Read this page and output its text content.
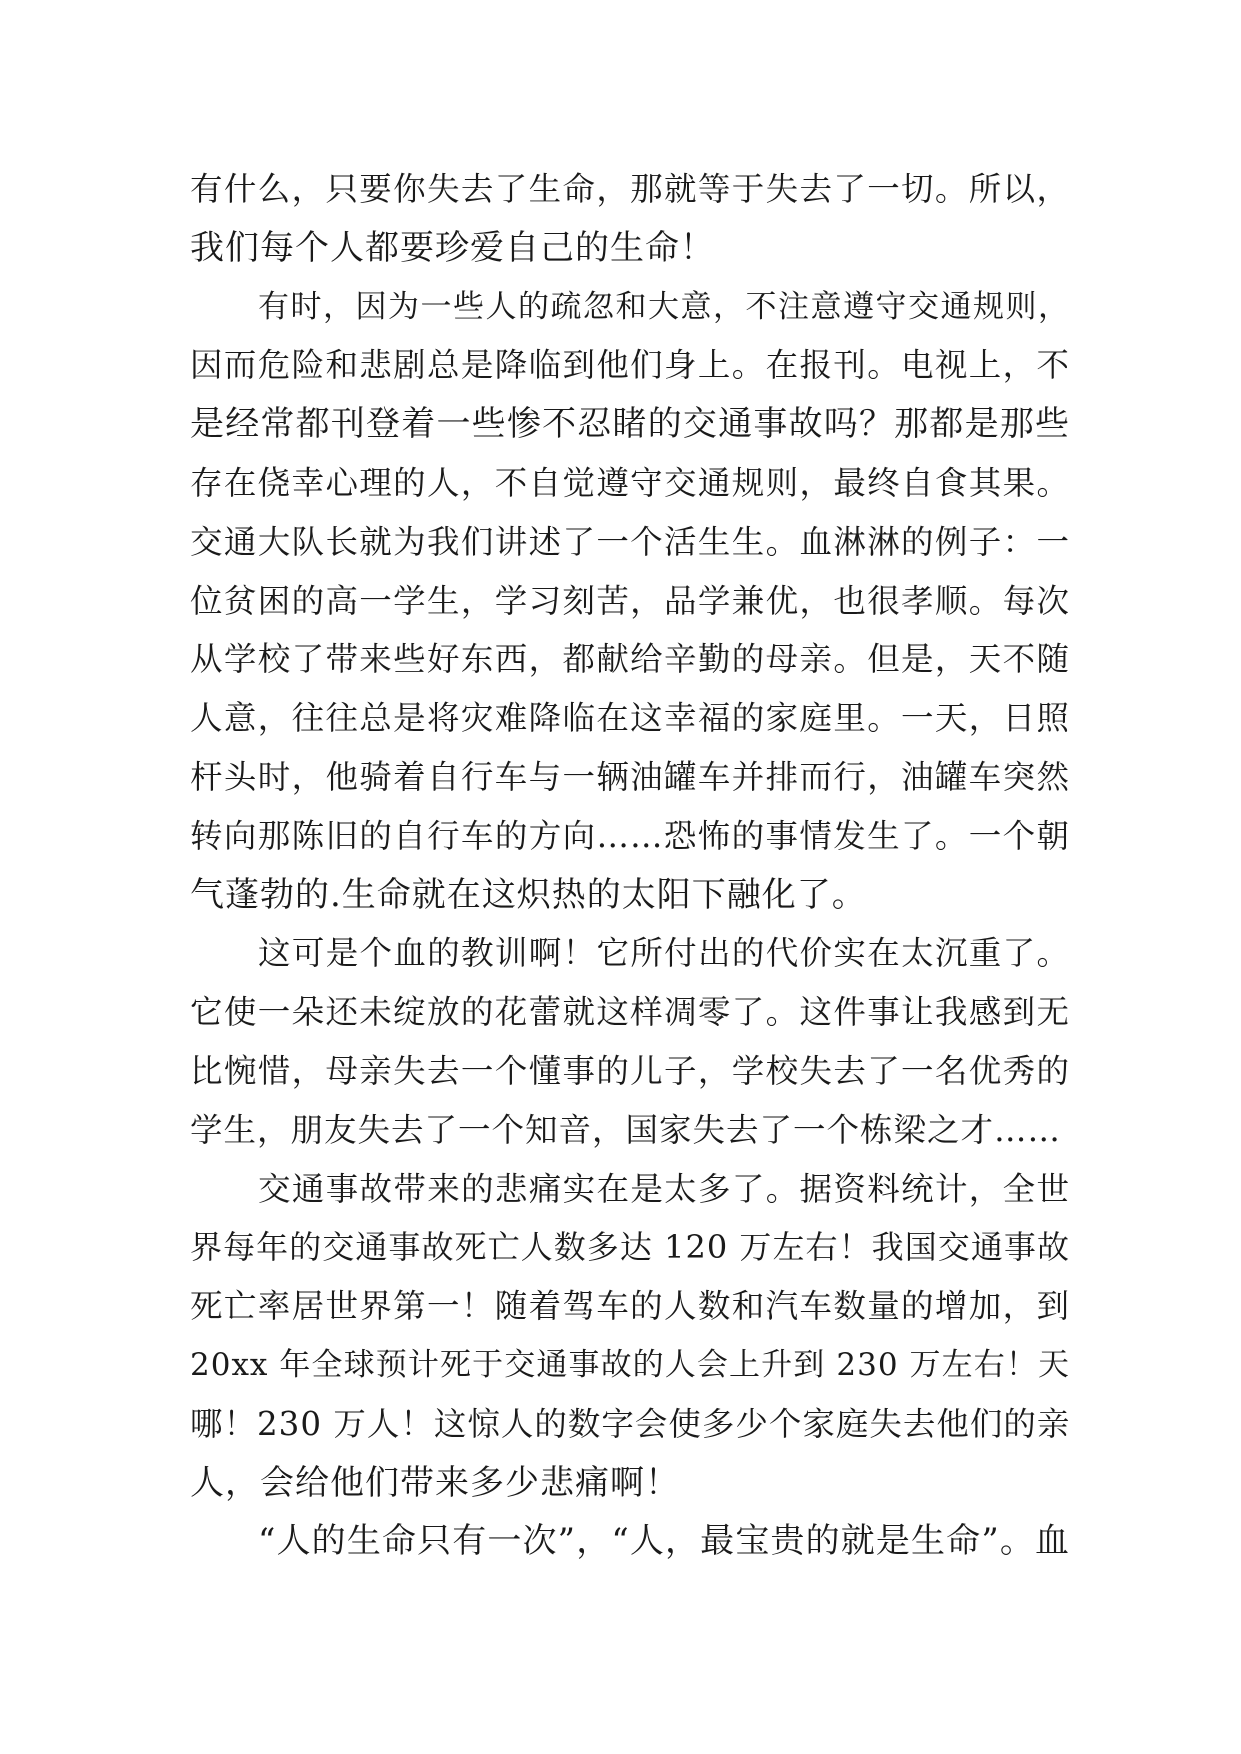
有什么，只要你失去了生命，那就等于失去了一切。所以，
我们每个人都要珍爱自己的生命！
有时，因为一些人的疏忽和大意，不注意遵守交通规则，
因而危险和悲剧总是降临到他们身上。在报刊。电视上，不
是经常都刊登着一些惨不忍睹的交通事故吗？那都是那些
存在侥幸心理的人，不自觉遵守交通规则，最终自食其果。
交通大队长就为我们讲述了一个活生生。血淋淋的例子：一
位贫困的高一学生，学习刻苦，品学兼优，也很孝顺。每次
从学校了带来些好东西，都献给辛勤的母亲。但是，天不随
人意，往往总是将灾难降临在这幸福的家庭里。一天，日照
杆头时，他骑着自行车与一辆油罐车并排而行，油罐车突然
转向那陈旧的自行车的方向……恐怖的事情发生了。一个朝
气蓬勃的.生命就在这炽热的太阳下融化了。
这可是个血的教训啊！它所付出的代价实在太沉重了。
它使一朵还未绽放的花蕾就这样凋零了。这件事让我感到无
比惋惜，母亲失去一个懂事的儿子，学校失去了一名优秀的
学生，朋友失去了一个知音，国家失去了一个栋梁之才……
交通事故带来的悲痛实在是太多了。据资料统计，全世
界每年的交通事故死亡人数多达 120 万左右！我国交通事故
死亡率居世界第一！随着驾车的人数和汽车数量的增加，到
20xx 年全球预计死于交通事故的人会上升到 230 万左右！天
哪！230 万人！这惊人的数字会使多少个家庭失去他们的亲
人，会给他们带来多少悲痛啊！
“人的生命只有一次”，“人，最宝贵的就是生命”。血
